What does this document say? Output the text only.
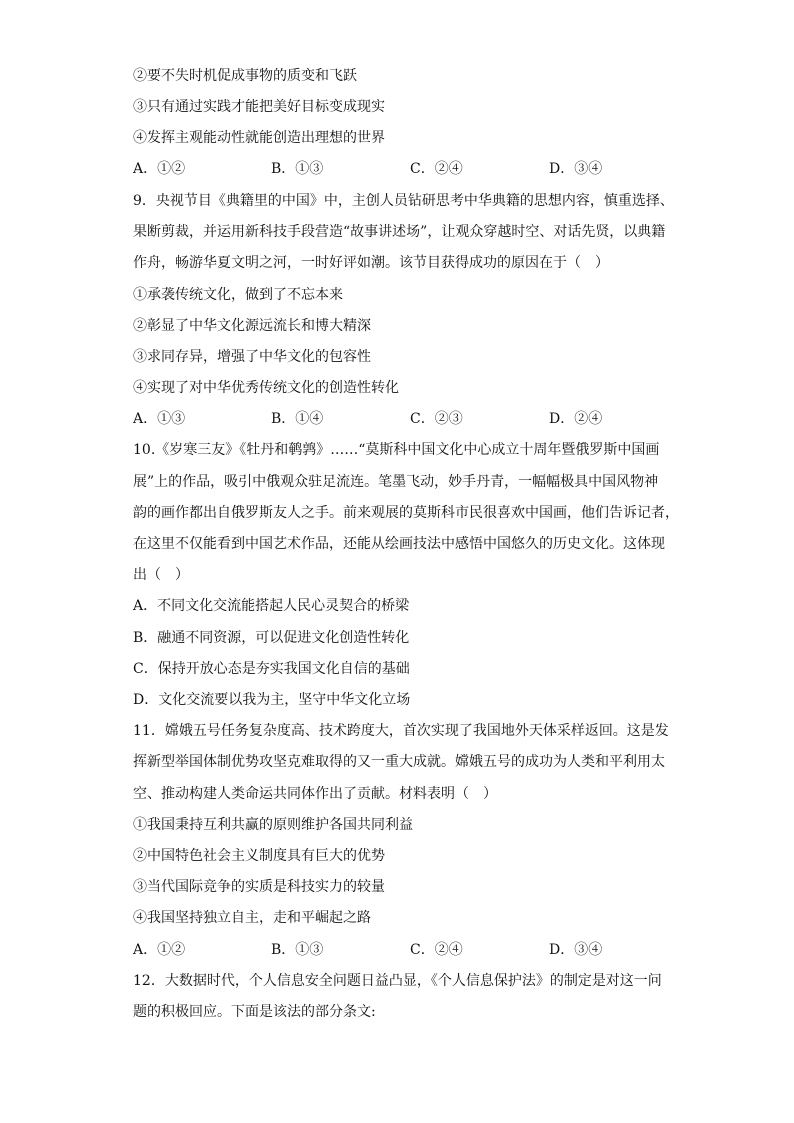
②要不失时机促成事物的质变和飞跃
③只有通过实践才能把美好目标变成现实
④发挥主观能动性就能创造出理想的世界
A．①②	B．①③	C．②④	D．③④
9．央视节目《典籍里的中国》中，主创人员钻研思考中华典籍的思想内容，慎重选择、
果断剪裁，并运用新科技手段营造“故事讲述场”，让观众穿越时空、对话先贤，以典籍
作舟，畅游华夏文明之河，一时好评如潮。该节目获得成功的原因在于（　）
①承袭传统文化，做到了不忘本来
②彰显了中华文化源远流长和博大精深
③求同存异，增强了中华文化的包容性
④实现了对中华优秀传统文化的创造性转化
A．①③	B．①④	C．②③	D．②④
10.《岁寒三友》《牡丹和鹌鹑》……“莫斯科中国文化中心成立十周年暨俄罗斯中国画
展”上的作品，吸引中俄观众驻足流连。笔墨飞动，妙手丹青，一幅幅极具中国风物神
韵的画作都出自俄罗斯友人之手。前来观展的莫斯科市民很喜欢中国画，他们告诉记者，
在这里不仅能看到中国艺术作品，还能从绘画技法中感悟中国悠久的历史文化。这体现
出（　）
A．不同文化交流能搭起人民心灵契合的桥梁
B．融通不同资源，可以促进文化创造性转化
C．保持开放心态是夯实我国文化自信的基础
D．文化交流要以我为主，坚守中华文化立场
11．嫦娥五号任务复杂度高、技术跨度大，首次实现了我国地外天体采样返回。这是发
挥新型举国体制优势攻坚克难取得的又一重大成就。嫦娥五号的成功为人类和平利用太
空、推动构建人类命运共同体作出了贡献。材料表明（　）
①我国秉持互利共赢的原则维护各国共同利益
②中国特色社会主义制度具有巨大的优势
③当代国际竞争的实质是科技实力的较量
④我国坚持独立自主，走和平崛起之路
A．①②	B．①③	C．②④	D．③④
12．大数据时代，个人信息安全问题日益凸显，《个人信息保护法》的制定是对这一问
题的积极回应。下面是该法的部分条文:
